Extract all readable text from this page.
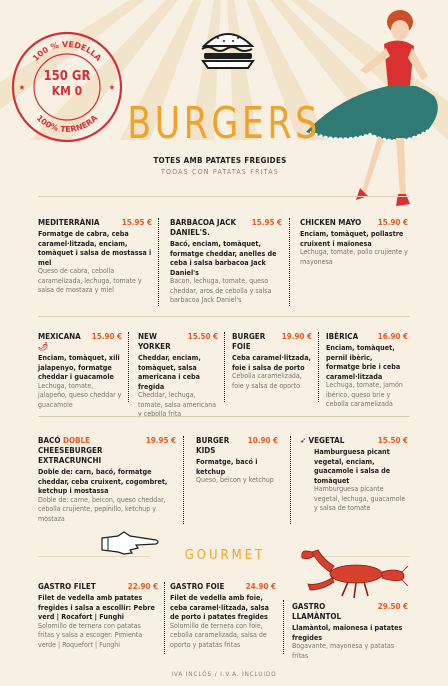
100 % VEDELLA
100% TERNERA
★	★
150 GR
KM 0
BURGERS
TOTES AMB PATATES FREGIDES
TODAS CON PATATAS FRITAS
MEDITERRÀNIA	15.95 €
Formatge de cabra, ceba caramel·litzada, enciam, tomàquet i salsa de mostassa i mel
Queso de cabra, cebolla caramelizada, lechuga, tomate y salsa de mostaza y miel
BARBACOA JACK DANIEL'S.
15.95 €
Bacó, enciam, tomàquet, formatge cheddar, anelles de ceba i salsa barbacoa Jack Daniel's
Bacon, lechuga, tomate, queso cheddar, aros de cebolla y salsa barbacoa Jack Daniel's
CHICKEN MAYO 15.90 €
Enciam, tomàquet, pollastre cruixent i maionesa
Lechuga, tomate, pollo crujiente y mayonesa
MEXICANA 🌶
15.90 €
Enciam, tomàquet, xili jalapenyo, formatge cheddar i guacamole
Lechuga, tomate, jalapeño, queso cheddar y guacamole
NEW YORKER
15.50 €
Cheddar, enciam, tomàquet, salsa americana i ceba fregida
Cheddar, lechuga, tomate, salsa americana y cebolla frita
BURGER FOIE
19.90 €
Ceba caramel·litzada, foie i salsa de porto
Cebolla caramelizada, foie y salsa de oporto
IBÈRICA 16.90 €
Enciam, tomàquet, pernil ibèric, formatge brie i ceba caramel·litzada
Lechuga, tomate, jamón ibérico, queso brie y cebolla caramelizada
BACÓ DOBLE CHEESEBURGER
EXTRACRUNCHI
19.95 €
Doble de: carn, bacó, formatge cheddar, ceba cruixent, cogombret, ketchup i mostassa
Doble de: carne, beicon, queso cheddar, cebolla crujiente, pepinillo, ketchup y mostaza
BURGER KIDS
10.90 €
Formatge, bacó i ketchup
Queso, beicon y ketchup
➶ VEGETAL	15.50 €
Hamburguesa picant vegetal, enciam, guacamole i salsa de tomàquet
Hamburguesa picante vegetal, lechuga, guacamole y salsa de tomate
GOURMET
GASTRO FILET	22.90 €
Filet de vedella amb patates fregides i salsa a escollir: Pebre verd | Rocafort | Funghi
Solomillo de ternera con patatas fritas y salsa a escoger: Pimienta verde | Roquefort | Funghi
GASTRO FOIE	24.90 €
Filet de vedella amb foie, ceba caramel·litzada, salsa de porto i patates fregides
Solomillo de ternera con foie, cebolla caramelizada, salsa de oporto y patatas fritas
GASTRO LLAMÀNTOL
29.50 €
Llamàntol, maionesa i patates fregides
Bogavante, mayonesa y patatas fritas
IVA INCLÒS / I.V.A. INCLUIDO
